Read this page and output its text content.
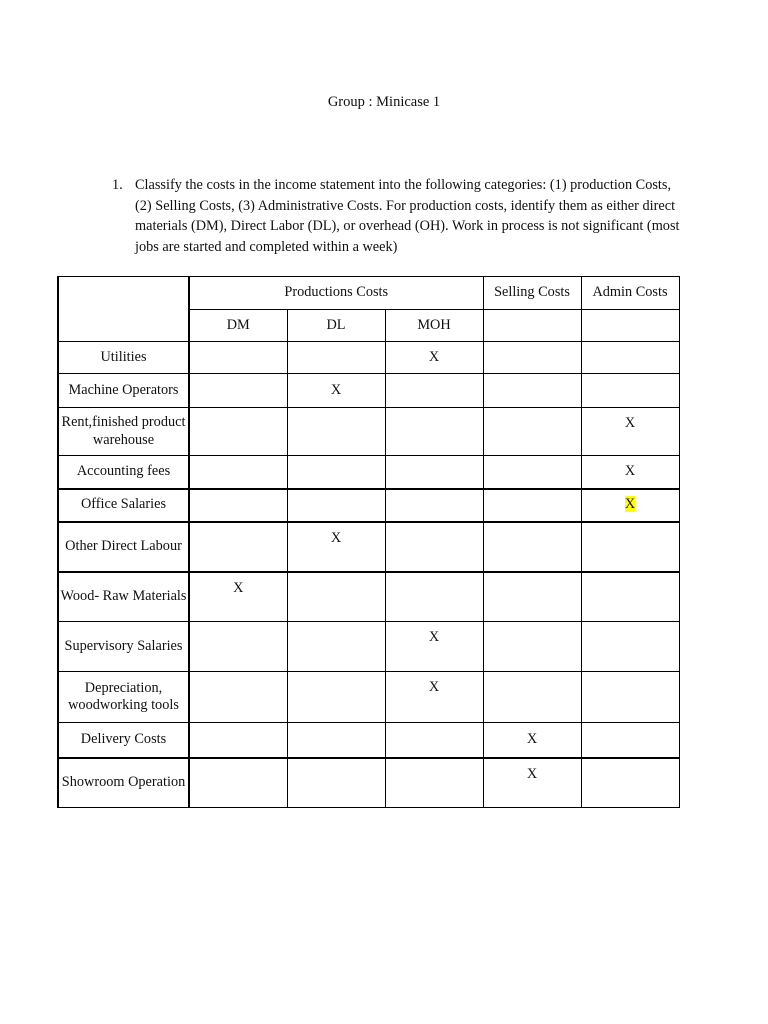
Group : Minicase 1
1. Classify the costs in the income statement into the following categories: (1) production Costs, (2) Selling Costs, (3) Administrative Costs. For production costs, identify them as either direct materials (DM), Direct Labor (DL), or overhead (OH). Work in process is not significant (most jobs are started and completed within a week)
	Productions Costs			Selling Costs	Admin Costs
	DM	DL	MOH		
Utilities			X		
Machine Operators		X			
Rent,finished product warehouse					X
Accounting fees					X
Office Salaries					X
Other Direct Labour		X			
Wood- Raw Materials	X				
Supervisory Salaries			X		
Depreciation, woodworking tools			X		
Delivery Costs				X	
Showroom Operation				X	
